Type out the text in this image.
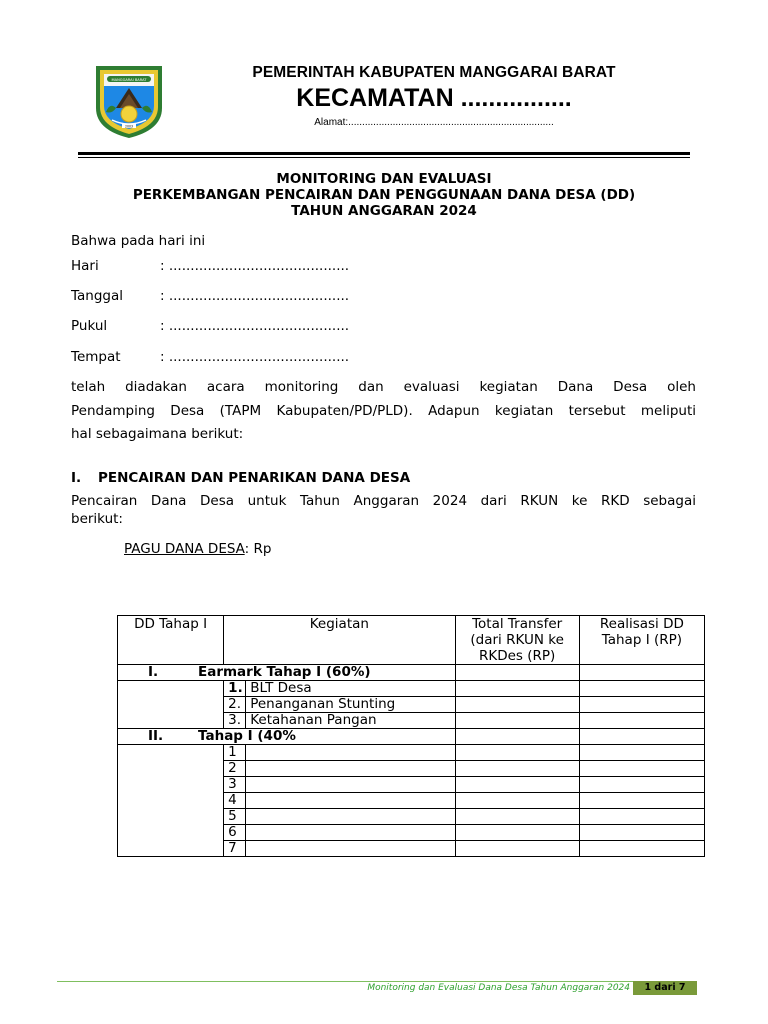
MANGGARAI BARAT
2003
PEMERINTAH KABUPATEN MANGGARAI BARAT
KECAMATAN ................
Alamat:..........................................................................
MONITORING DAN EVALUASI
PERKEMBANGAN PENCAIRAN DAN PENGGUNAAN DANA DESA (DD)
TAHUN ANGGARAN 2024
Bahwa pada hari ini
Hari	: ..........................................
Tanggal	: ..........................................
Pukul	: ..........................................
Tempat	: ..........................................
telah diadakan acara monitoring dan evaluasi kegiatan Dana Desa oleh
Pendamping Desa (TAPM Kabupaten/PD/PLD). Adapun kegiatan tersebut meliputi
hal sebagaimana berikut:
I. PENCAIRAN DAN PENARIKAN DANA DESA
Pencairan Dana Desa untuk Tahun Anggaran 2024 dari RKUN ke RKD sebagai
berikut:
PAGU DANA DESA: Rp
DD Tahap I	Kegiatan		Total Transfer (dari RKUN ke RKDes (RP)	Realisasi DD Tahap I (RP)
I. Earmark Tahap I (60%)				
	1.	BLT Desa		
	2.	Penanganan Stunting		
	3.	Ketahanan Pangan		
II. Tahap I (40%				
	1			
	2			
	3			
	4			
	5			
	6			
	7			
Monitoring dan Evaluasi Dana Desa Tahun Anggaran 2024	1 dari 7
